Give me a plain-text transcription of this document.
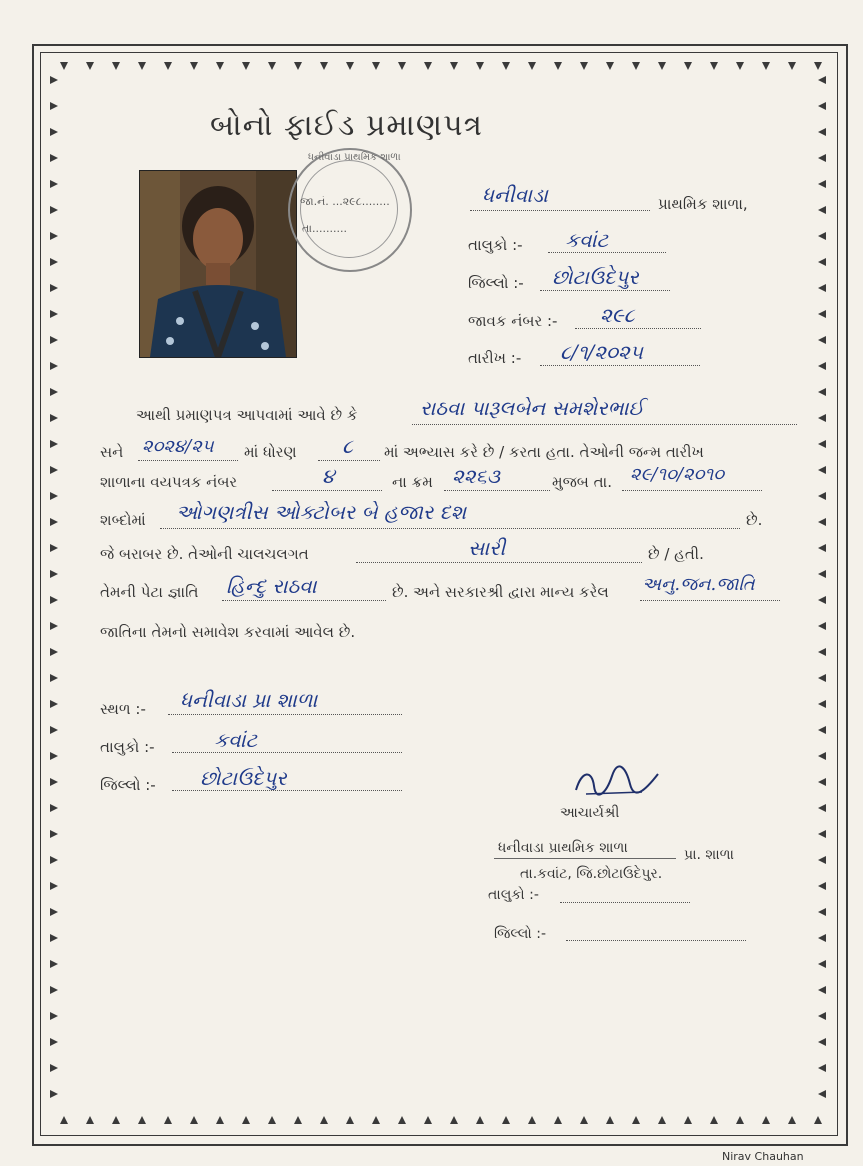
બોનો ફાઈડ પ્રમાણપત્ર
ધનીવાડા પ્રાથમિક શાળા
જા.નં. ...૨૯૮........
તા..........
ધનીવાડા	પ્રાથમિક શાળા,
તાલુકો :- કવાંટ
જિલ્લો :- છોટાઉદેપુર
જાવક નંબર :- ૨૯૮
તારીખ :- ૮/૧/૨૦૨૫
આથી પ્રમાણપત્ર આપવામાં આવે છે કે	રાઠવા પારૂલબેન સમશેરભાઈ
સને ૨૦૨૪/૨૫ માં ધોરણ ૮ માં અભ્યાસ કરે છે / કરતા હતા. તેઓની જન્મ તારીખ
શાળાના વયપત્રક નંબર	૪	ના ક્રમ ૨૨૬૩	મુજબ તા. ૨૯/૧૦/૨૦૧૦
શબ્દોમાં ઓગણત્રીસ ઓક્ટોબર બે હજાર દશ	છે.
જે બરાબર છે. તેઓની ચાલચલગત	સારી	છે / હતી.
તેમની પેટા જ્ઞાતિ હિન્દુ રાઠવા	છે. અને સરકારશ્રી દ્વારા માન્ય કરેલ અનુ.જન.જાતિ
જાતિના તેમનો સમાવેશ કરવામાં આવેલ છે.
સ્થળ :- ધનીવાડા પ્રા શાળા
તાલુકો :-	કવાંટ
જિલ્લો :- છોટાઉદેપુર
આચાર્યશ્રી
ધનીવાડા પ્રાથમિક શાળા	પ્રા. શાળા
તા.કવાંટ, જિ.છોટાઉદેપુર.
તાલુકો :-
જિલ્લો :-
Nirav Chauhan
